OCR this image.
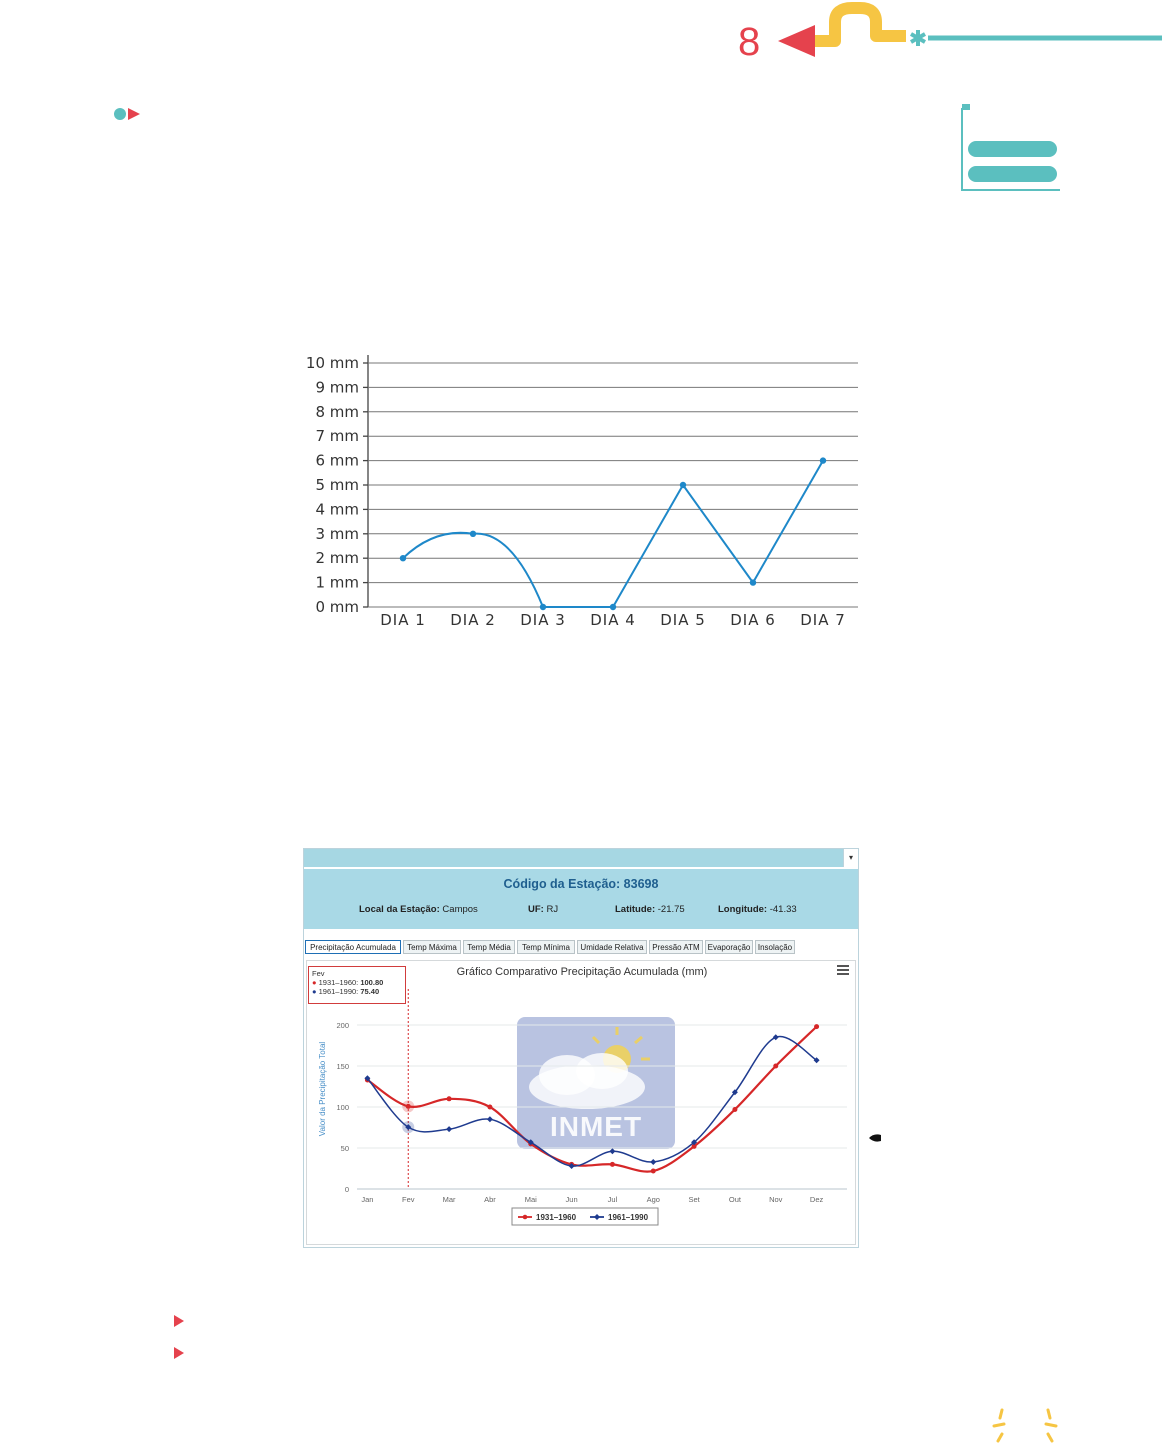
8
0 mm
1 mm
2 mm
3 mm
4 mm
5 mm
6 mm
7 mm
8 mm
9 mm
10 mm
DIA 1 DIA 2 DIA 3 DIA 4 DIA 5 DIA 6 DIA 7
▾
Código da Estação: 83698
Local da Estação: Campos	UF: RJ	Latitude: -21.75	Longitude: -41.33
Precipitação Acumulada	Temp Máxima	Temp Média	Temp Mínima	Umidade Relativa	Pressão ATM Evaporação Insolação
INMET
Gráfico Comparativo Precipitação Acumulada (mm)
Valor da Precipitação Total
0
50
100
150
200
Jan	Fev	Mar	Abr	Mai	Jun	Jul	Ago	Set	Out	Nov	Dez
1931–1960	1961–1990
Fev
● 1931–1960: 100.80
● 1961–1990: 75.40
